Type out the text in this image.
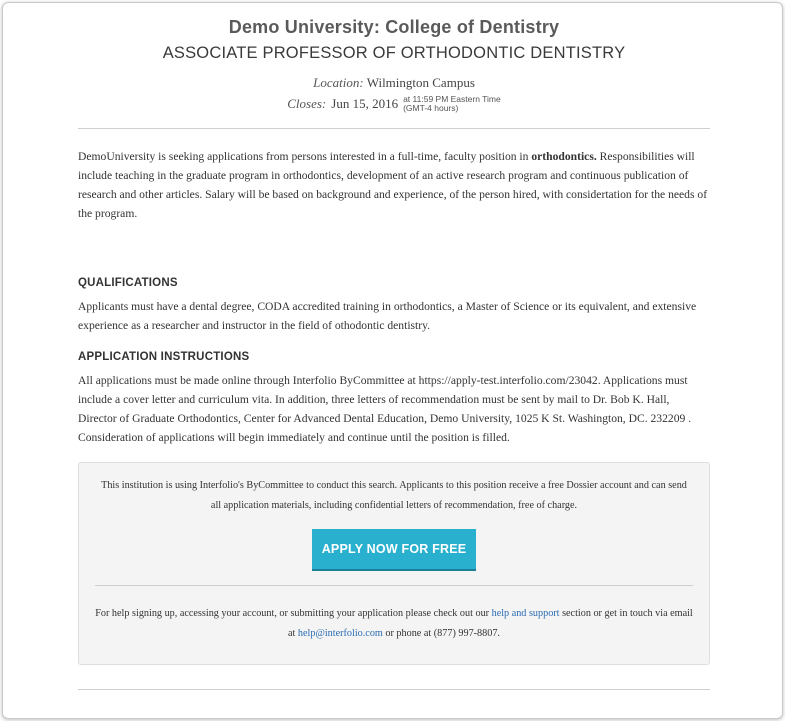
Demo University: College of Dentistry
ASSOCIATE PROFESSOR OF ORTHODONTIC DENTISTRY
Location: Wilmington Campus
Closes: Jun 15, 2016 at 11:59 PM Eastern Time
(GMT-4 hours)
DemoUniversity is seeking applications from persons interested in a full-time, faculty position in orthodontics. Responsibilities will include teaching in the graduate program in orthodontics, development of an active research program and continuous publication of research and other articles. Salary will be based on background and experience, of the person hired, with considertation for the needs of the program.
QUALIFICATIONS
Applicants must have a dental degree, CODA accredited training in orthodontics, a Master of Science or its equivalent, and extensive experience as a researcher and instructor in the field of othodontic dentistry.
APPLICATION INSTRUCTIONS
All applications must be made online through Interfolio ByCommittee at https://apply-test.interfolio.com/23042. Applications must include a cover letter and curriculum vita. In addition, three letters of recommendation must be sent by mail to Dr. Bob K. Hall, Director of Graduate Orthodontics, Center for Advanced Dental Education, Demo University, 1025 K St. Washington, DC. 232209 . Consideration of applications will begin immediately and continue until the position is filled.
This institution is using Interfolio's ByCommittee to conduct this search. Applicants to this position receive a free Dossier account and can send all application materials, including confidential letters of recommendation, free of charge.
APPLY NOW FOR FREE
For help signing up, accessing your account, or submitting your application please check out our help and support section or get in touch via email at help@interfolio.com or phone at (877) 997-8807.
